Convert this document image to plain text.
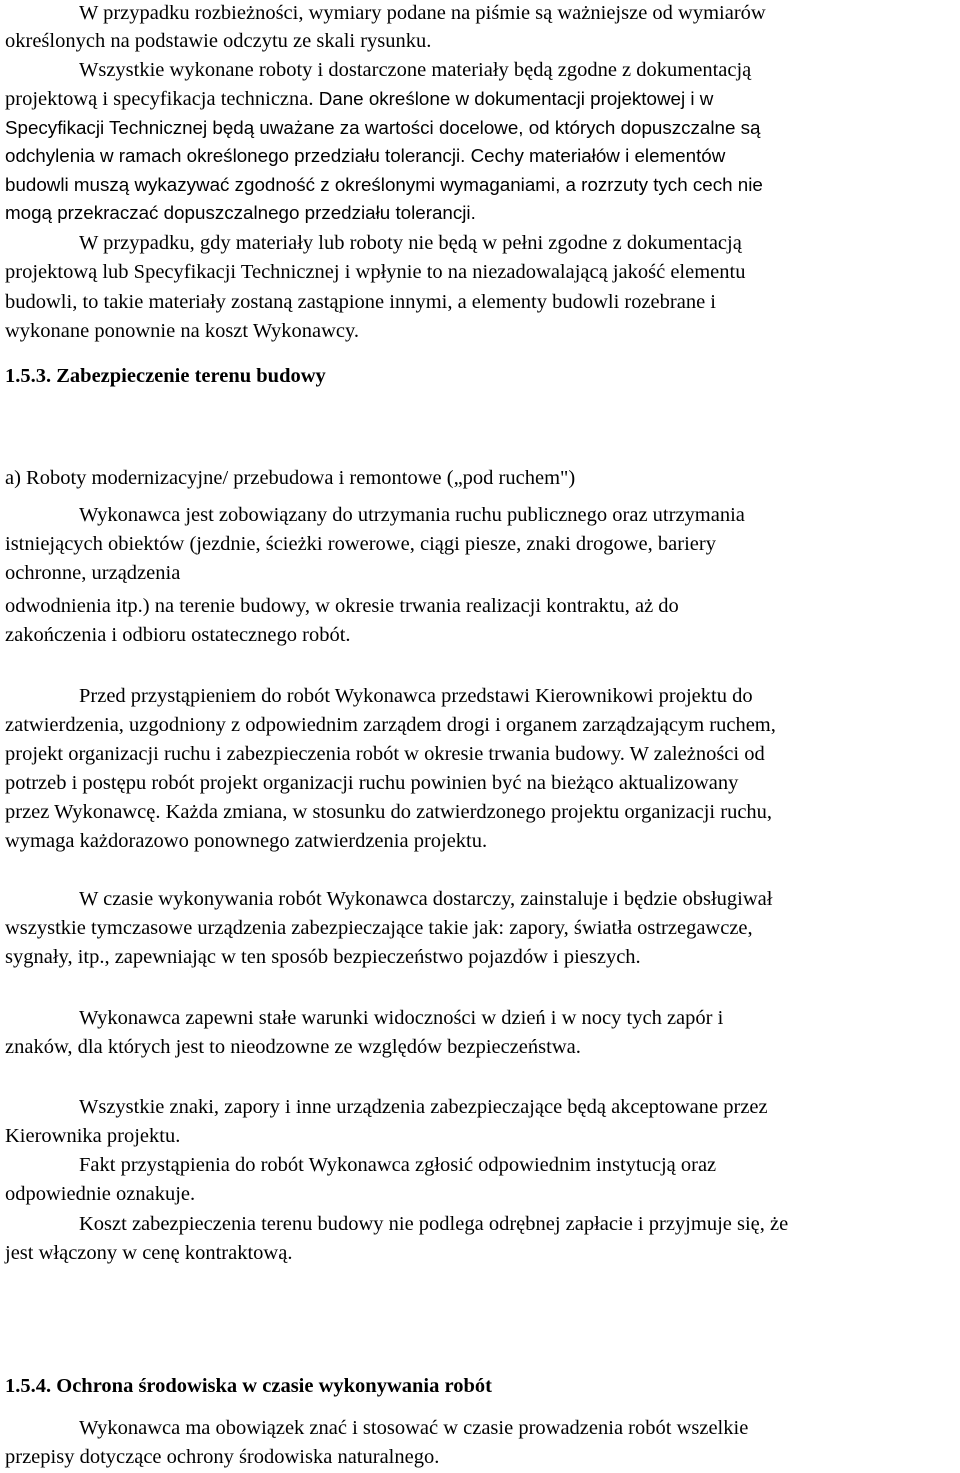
W przypadku rozbieżności, wymiary podane na piśmie są ważniejsze od wymiarów
określonych na podstawie odczytu ze skali rysunku.
Wszystkie wykonane roboty i dostarczone materiały będą zgodne z dokumentacją
projektową i specyfikacja techniczna. Dane określone w dokumentacji projektowej i w
Specyfikacji Technicznej będą uważane za wartości docelowe, od których dopuszczalne są
odchylenia w ramach określonego przedziału tolerancji. Cechy materiałów i elementów
budowli muszą wykazywać zgodność z określonymi wymaganiami, a rozrzuty tych cech nie
mogą przekraczać dopuszczalnego przedziału tolerancji.
W przypadku, gdy materiały lub roboty nie będą w pełni zgodne z dokumentacją
projektową lub Specyfikacji Technicznej i wpłynie to na niezadowalającą jakość elementu
budowli, to takie materiały zostaną zastąpione innymi, a elementy budowli rozebrane i
wykonane ponownie na koszt Wykonawcy.
1.5.3. Zabezpieczenie terenu budowy
a) Roboty modernizacyjne/ przebudowa i remontowe („pod ruchem")
Wykonawca jest zobowiązany do utrzymania ruchu publicznego oraz utrzymania
istniejących obiektów (jezdnie, ścieżki rowerowe, ciągi piesze, znaki drogowe, bariery
ochronne, urządzenia
odwodnienia itp.) na terenie budowy, w okresie trwania realizacji kontraktu, aż do
zakończenia i odbioru ostatecznego robót.
Przed przystąpieniem do robót Wykonawca przedstawi Kierownikowi projektu do
zatwierdzenia, uzgodniony z odpowiednim zarządem drogi i organem zarządzającym ruchem,
projekt organizacji ruchu i zabezpieczenia robót w okresie trwania budowy. W zależności od
potrzeb i postępu robót projekt organizacji ruchu powinien być na bieżąco aktualizowany
przez Wykonawcę. Każda zmiana, w stosunku do zatwierdzonego projektu organizacji ruchu,
wymaga każdorazowo ponownego zatwierdzenia projektu.
W czasie wykonywania robót Wykonawca dostarczy, zainstaluje i będzie obsługiwał
wszystkie tymczasowe urządzenia zabezpieczające takie jak: zapory, światła ostrzegawcze,
sygnały, itp., zapewniając w ten sposób bezpieczeństwo pojazdów i pieszych.
Wykonawca zapewni stałe warunki widoczności w dzień i w nocy tych zapór i
znaków, dla których jest to nieodzowne ze względów bezpieczeństwa.
Wszystkie znaki, zapory i inne urządzenia zabezpieczające będą akceptowane przez
Kierownika projektu.
Fakt przystąpienia do robót Wykonawca zgłosić odpowiednim instytucją oraz
odpowiednie oznakuje.
Koszt zabezpieczenia terenu budowy nie podlega odrębnej zapłacie i przyjmuje się, że
jest włączony w cenę kontraktową.
1.5.4. Ochrona środowiska w czasie wykonywania robót
Wykonawca ma obowiązek znać i stosować w czasie prowadzenia robót wszelkie
przepisy dotyczące ochrony środowiska naturalnego.
